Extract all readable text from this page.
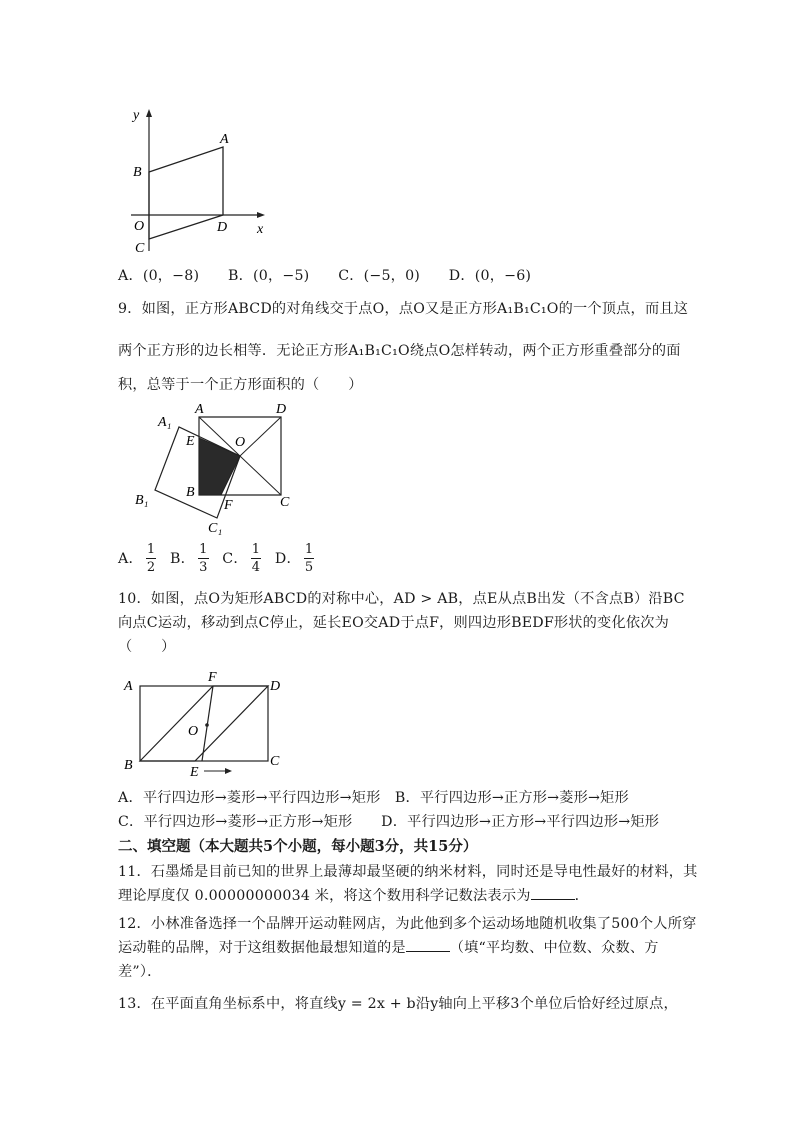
y
x
A
B
O
C
D
A．(0，−8)　　B．(0，−5)　　C．(−5，0)　　D．(0，−6)
9．如图，正方形ABCD的对角线交于点O，点O又是正方形A₁B₁C₁O的一个顶点，而且这
两个正方形的边长相等．无论正方形A₁B₁C₁O绕点O怎样转动，两个正方形重叠部分的面
积，总等于一个正方形面积的（　　）
A₁
A	D
E	O
B₁
B
F	C
C₁
A． $\frac{1}{2}$ B． $\frac{1}{3}$ C． $\frac{1}{4}$ D． $\frac{1}{5}$
10．如图，点O为矩形ABCD的对称中心，AD > AB，点E从点B出发（不含点B）沿BC
向点C运动，移动到点C停止，延长EO交AD于点F，则四边形BEDF形状的变化依次为
（　　）
A
F
D
O
B	E
C
A．平行四边形→菱形→平行四边形→矩形　B．平行四边形→正方形→菱形→矩形
C．平行四边形→菱形→正方形→矩形　　D．平行四边形→正方形→平行四边形→矩形
二、填空题（本大题共5个小题，每小题3分，共15分）
11．石墨烯是目前已知的世界上最薄却最坚硬的纳米材料，同时还是导电性最好的材料，其
理论厚度仅 0.00000000034 米，将这个数用科学记数法表示为	．
12．小林准备选择一个品牌开运动鞋网店，为此他到多个运动场地随机收集了500个人所穿
运动鞋的品牌，对于这组数据他最想知道的是	（填“平均数、中位数、众数、方
差”）．
13．在平面直角坐标系中，将直线y = 2x + b沿y轴向上平移3个单位后恰好经过原点，
